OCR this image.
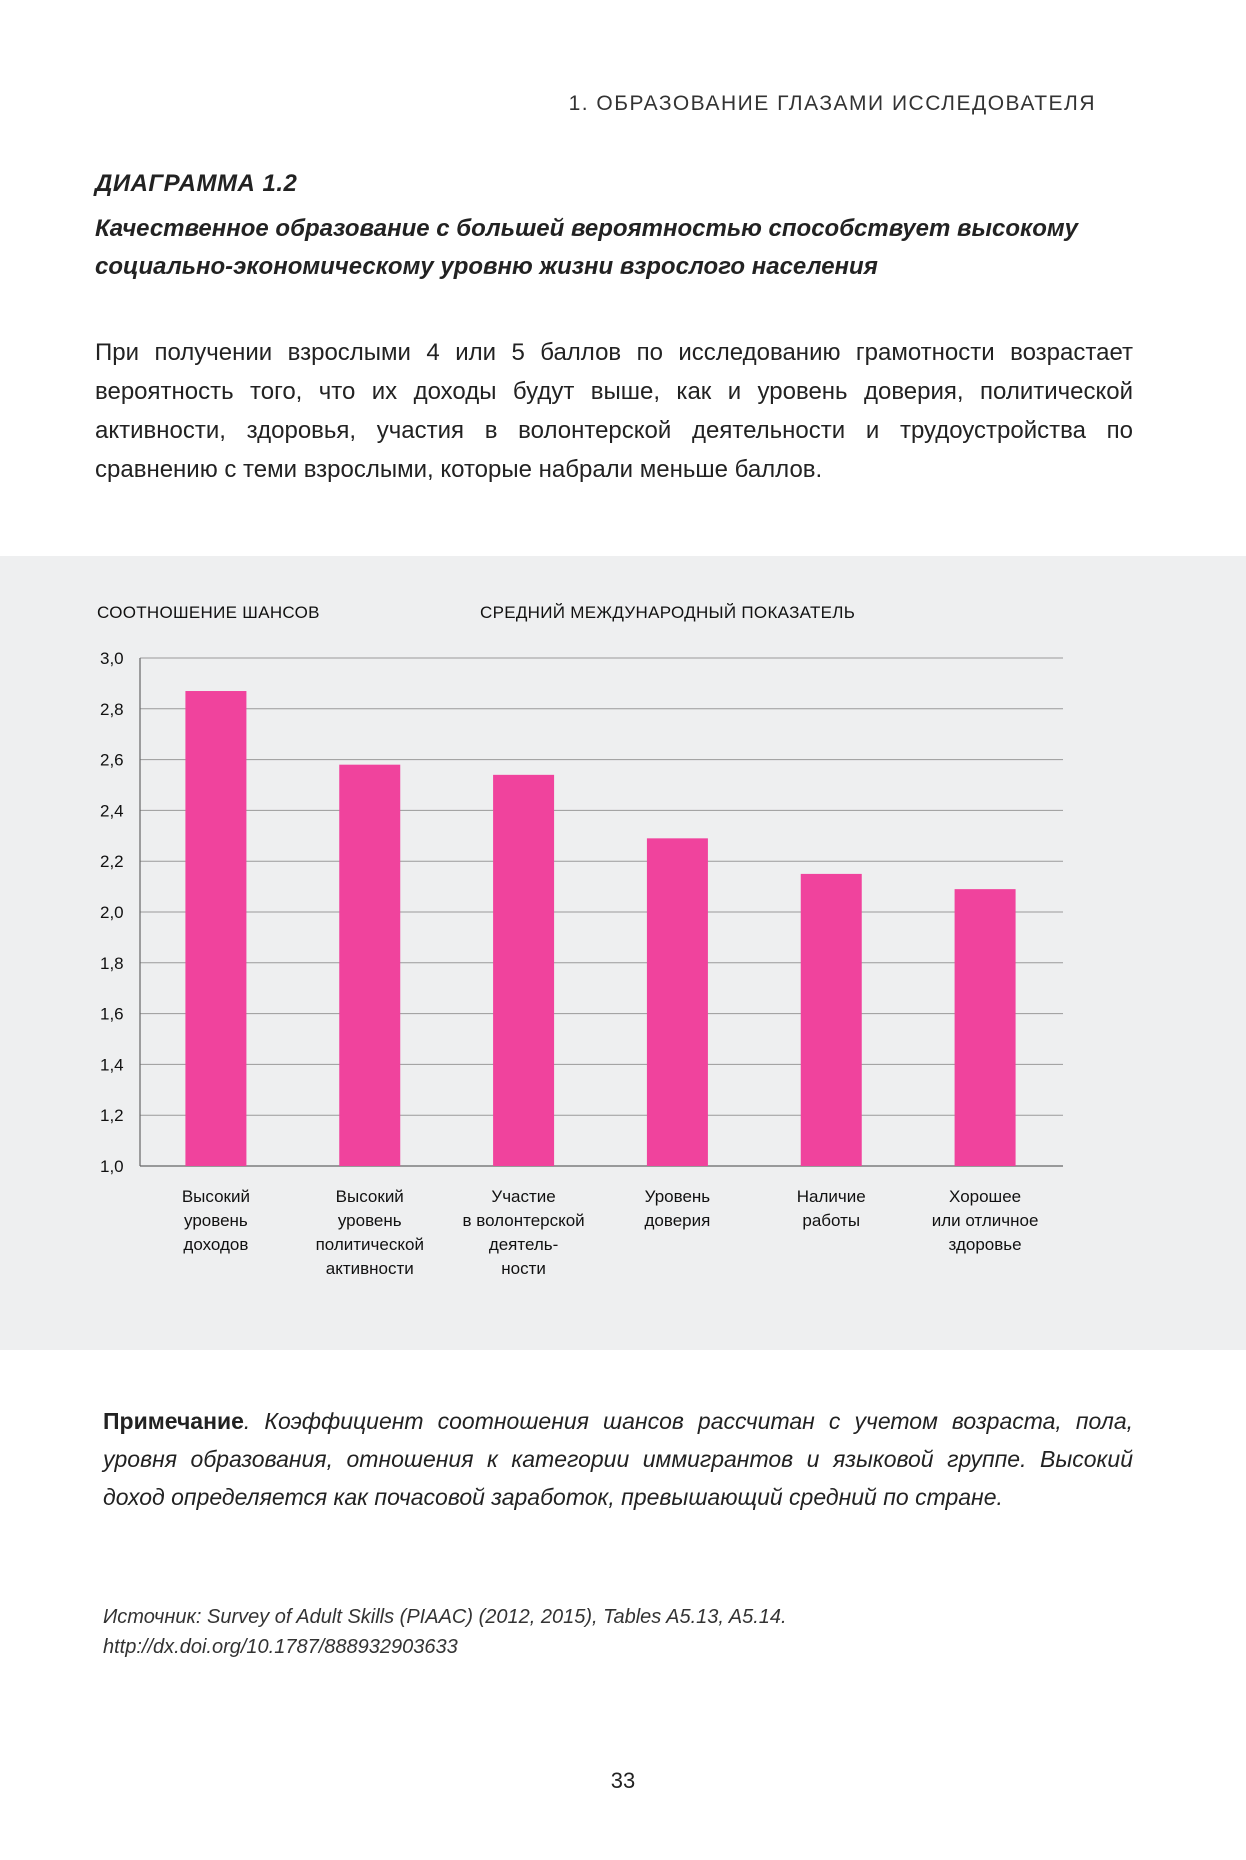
1. ОБРАЗОВАНИЕ ГЛАЗАМИ ИССЛЕДОВАТЕЛЯ
ДИАГРАММА 1.2

Качественное образование с большей вероятностью способствует высокому социально-экономическому уровню жизни взрослого населения

При получении взрослыми 4 или 5 баллов по исследованию грамотности возрастает вероятность того, что их доходы будут выше, как и уровень доверия, политической активности, здоровья, участия в волонтерской деятельности и трудоустройства по сравнению с теми взрослыми, которые набрали меньше баллов.

СООТНОШЕНИЕ ШАНСОВ	СРЕДНИЙ МЕЖДУНАРОДНЫЙ ПОКАЗАТЕЛЬ
1,0
1,2
1,4
1,6
1,8
2,0
2,2
2,4
2,6
2,8
3,0
Высокий
уровень
доходов
Высокий
уровень
политической
активности
Участие
в волонтерской
деятель-
ности
Уровень
доверия
Наличие
работы
Хорошее
или отличное
здоровье

Примечание. Коэффициент соотношения шансов рассчитан с учетом возраста, пола, уровня образования, отношения к категории иммигрантов и языковой группе. Высокий доход определяется как почасовой заработок, превышающий средний по стране.

Источник: Survey of Adult Skills (PIAAC) (2012, 2015), Tables A5.13, A5.14.
http://dx.doi.org/10.1787/888932903633

33
